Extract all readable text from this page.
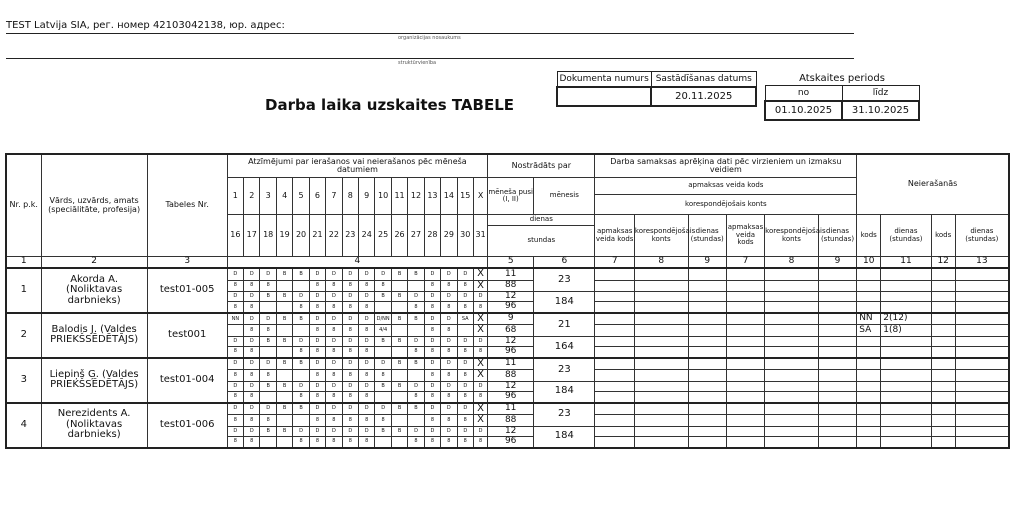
TEST Latvija SIA, рег. номер 42103042138, юр. адрес:
organizācijas nosaukums
struktūrvienība
Darba laika uzskaites TABELE
Dokumenta numurs	Sastādīšanas datums
	20.11.2025
Atskaites periods	
no	līdz
01.10.2025	31.10.2025
Nr. p.k.	Vārds, uzvārds, amats (speciālitāte, profesija)	Tabeles Nr.	Atzīmējumi par ierašanos vai neierašanos pēc mēneša datumiem																Nostrādāts par		Darba samaksas aprēķina dati pēc virzieniem un izmaksu veidiem						Neierašanās			
			1	2	3	4	5	6	7	8	9	10	11	12	13	14	15	X	mēneša pusi (I, II)	mēnesis	apmaksas veida kods									
																					korespondējošais konts									
			16	17	18	19	20	21	22	23	24	25	26	27	28	29	30	31	dienas		apmaksas veida kods	korespondējošais konts	dienas (stundas)	apmaksas veida kods	korespondējošais konts	dienas (stundas)	kods	dienas (stundas)	kods	dienas (stundas)
																			stundas											
1	2	3	4																5	6	7	8	9	7	8	9	10	11	12	13
1	Akorda A. (Noliktavas darbnieks)	test01-005	D	D	D	B	B	D	D	D	D	D	B	B	D	D	D	X	11	23										
			8	8	8			8	8	8	8	8			8	8	8	X	88											
			D	D	B	B	D	D	D	D	D	B	B	D	D	D	D	D	12	184										
			8	8			8	8	8	8	8			8	8	8	8	8	96											
2	Balodis J. (Valdes PRIEKŠSĒDĒTĀJS)	test001	NN	D	D	B	B	D	D	D	D	D/NN	B	B	D	D	SA	X	9	21							NN	2(12)		
				8	8			8	8	8	8	4/4			8	8		X	68								SA	1(8)		
			D	D	B	B	D	D	D	D	D	B	B	D	D	D	D	D	12	164										
			8	8			8	8	8	8	8			8	8	8	8	8	96											
3	Liepiņš Ģ. (Valdes PRIEKŠSĒDĒTĀJS)	test01-004	D	D	D	B	B	D	D	D	D	D	B	B	D	D	D	X	11	23										
			8	8	8			8	8	8	8	8			8	8	8	X	88											
			D	D	B	B	D	D	D	D	D	B	B	D	D	D	D	D	12	184										
			8	8			8	8	8	8	8			8	8	8	8	8	96											
4	Nerezidents A. (Noliktavas darbnieks)	test01-006	D	D	D	B	B	D	D	D	D	D	B	B	D	D	D	X	11	23										
			8	8	8			8	8	8	8	8			8	8	8	X	88											
			D	D	B	B	D	D	D	D	D	B	B	D	D	D	D	D	12	184										
			8	8			8	8	8	8	8			8	8	8	8	8	96											
